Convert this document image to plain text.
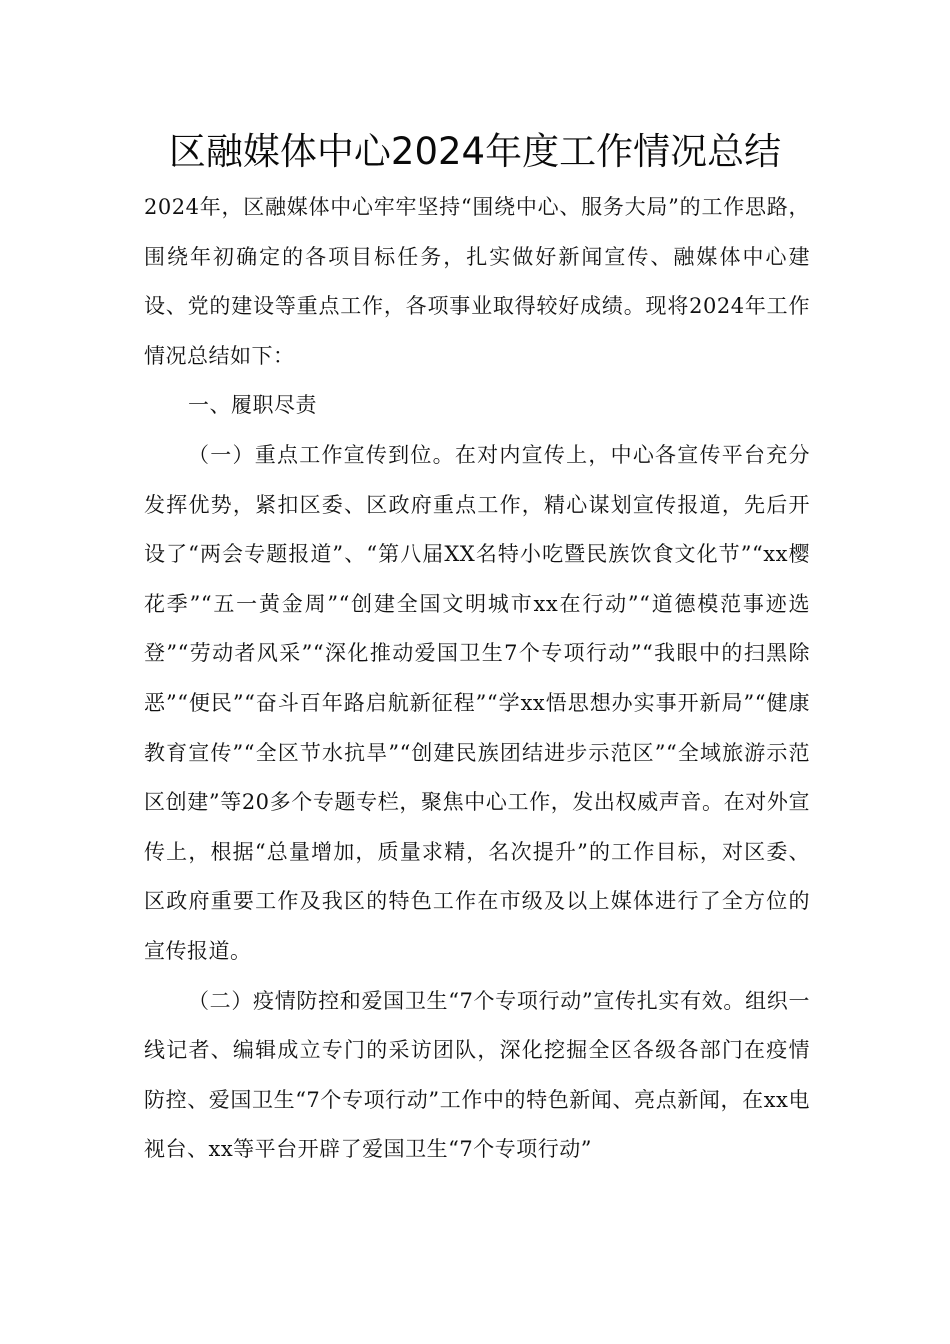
区融媒体中心2024年度工作情况总结

2024年，区融媒体中心牢牢坚持“围绕中心、服务大局”的工作思路，围绕年初确定的各项目标任务，扎实做好新闻宣传、融媒体中心建设、党的建设等重点工作，各项事业取得较好成绩。现将2024年工作情况总结如下：

一、履职尽责

（一）重点工作宣传到位。在对内宣传上，中心各宣传平台充分发挥优势，紧扣区委、区政府重点工作，精心谋划宣传报道，先后开设了“两会专题报道”、“第八届XX名特小吃暨民族饮食文化节”“xx樱花季”“五一黄金周”“创建全国文明城市xx在行动”“道德模范事迹选登”“劳动者风采”“深化推动爱国卫生7个专项行动”“我眼中的扫黑除恶”“便民”“奋斗百年路启航新征程”“学xx悟思想办实事开新局”“健康教育宣传”“全区节水抗旱”“创建民族团结进步示范区”“全域旅游示范区创建”等20多个专题专栏，聚焦中心工作，发出权威声音。在对外宣传上，根据“总量增加，质量求精，名次提升”的工作目标，对区委、区政府重要工作及我区的特色工作在市级及以上媒体进行了全方位的宣传报道。

（二）疫情防控和爱国卫生“7个专项行动”宣传扎实有效。组织一线记者、编辑成立专门的采访团队，深化挖掘全区各级各部门在疫情防控、爱国卫生“7个专项行动”工作中的特色新闻、亮点新闻，在xx电视台、xx等平台开辟了爱国卫生“7个专项行动”
